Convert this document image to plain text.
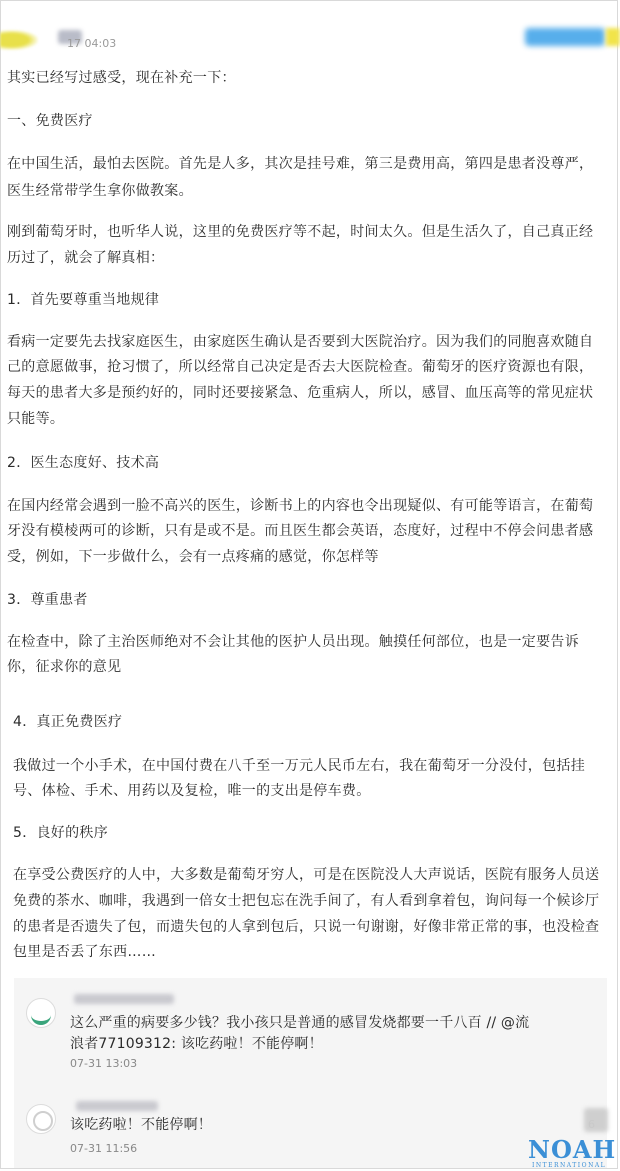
17 04:03

其实已经写过感受，现在补充一下：

一、免费医疗

在中国生活，最怕去医院。首先是人多，其次是挂号难，第三是费用高，第四是患者没尊严，

医生经常带学生拿你做教案。

刚到葡萄牙时，也听华人说，这里的免费医疗等不起，时间太久。但是生活久了，自己真正经

历过了，就会了解真相：

1．首先要尊重当地规律

看病一定要先去找家庭医生，由家庭医生确认是否要到大医院治疗。因为我们的同胞喜欢随自

己的意愿做事，抢习惯了，所以经常自己决定是否去大医院检查。葡萄牙的医疗资源也有限，

每天的患者大多是预约好的，同时还要接紧急、危重病人，所以，感冒、血压高等的常见症状

只能等。

2．医生态度好、技术高

在国内经常会遇到一脸不高兴的医生，诊断书上的内容也令出现疑似、有可能等语言，在葡萄

牙没有模棱两可的诊断，只有是或不是。而且医生都会英语，态度好，过程中不停会问患者感

受，例如，下一步做什么，会有一点疼痛的感觉，你怎样等

3．尊重患者

在检查中，除了主治医师绝对不会让其他的医护人员出现。触摸任何部位，也是一定要告诉

你，征求你的意见

4．真正免费医疗

我做过一个小手术，在中国付费在八千至一万元人民币左右，我在葡萄牙一分没付，包括挂

号、体检、手术、用药以及复检，唯一的支出是停车费。

5．良好的秩序

在享受公费医疗的人中，大多数是葡萄牙穷人，可是在医院没人大声说话，医院有服务人员送

免费的茶水、咖啡，我遇到一倍女士把包忘在洗手间了，有人看到拿着包，询问每一个候诊厅

的患者是否遗失了包，而遗失包的人拿到包后，只说一句谢谢，好像非常正常的事，也没检查

包里是否丢了东西……

这么严重的病要多少钱？我小孩只是普通的感冒发烧都要一千八百 // @流
浪者77109312: 该吃药啦！不能停啊！
07-31 13:03
该吃药啦！不能停啊！
07-31 11:56
6
NOAH
INTERNATIONAL
